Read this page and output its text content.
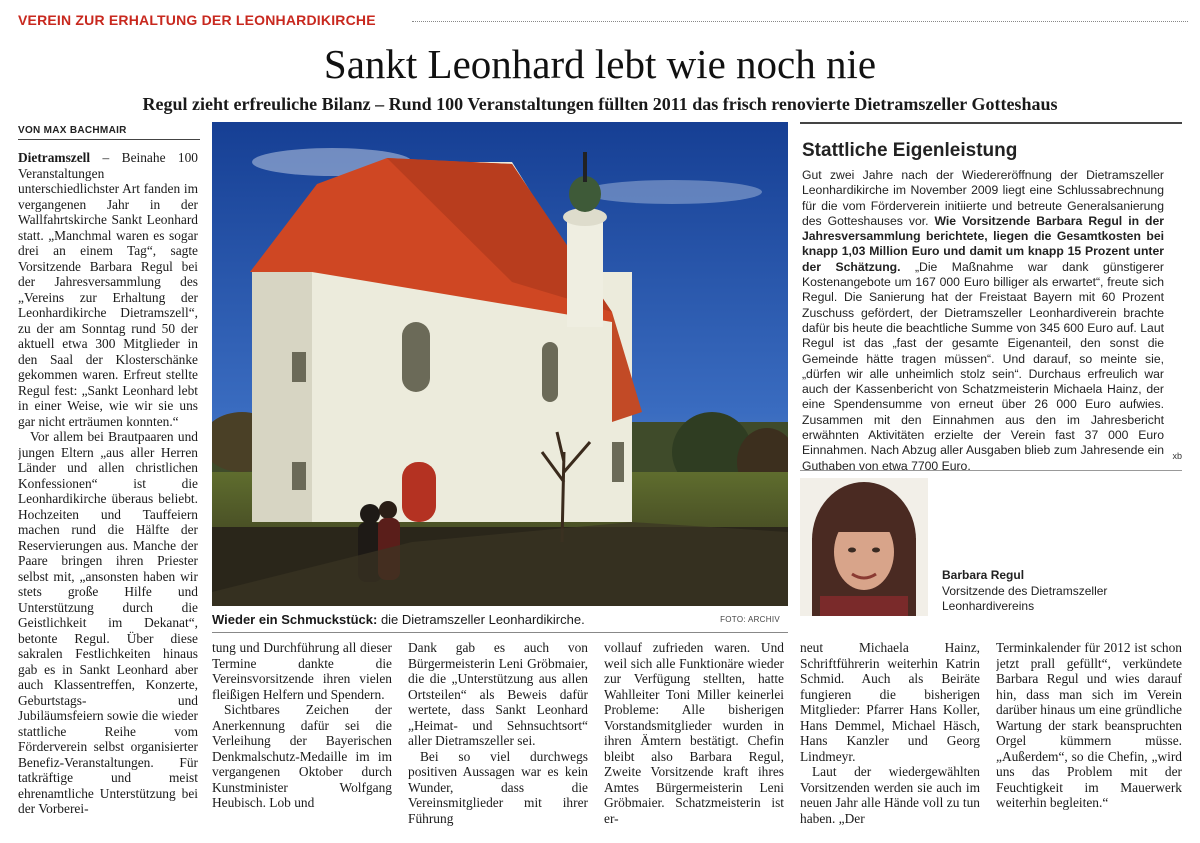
VEREIN ZUR ERHALTUNG DER LEONHARDIKIRCHE
Sankt Leonhard lebt wie noch nie
Regul zieht erfreuliche Bilanz – Rund 100 Veranstaltungen füllten 2011 das frisch renovierte Dietramszeller Gotteshaus
VON MAX BACHMAIR

Dietramszell – Beinahe 100 Veranstaltungen unterschiedlichster Art fanden im vergangenen Jahr in der Wallfahrtskirche Sankt Leonhard statt. „Manchmal waren es sogar drei an einem Tag“, sagte Vorsitzende Barbara Regul bei der Jahresversammlung des „Vereins zur Erhaltung der Leonhardikirche Dietramszell“, zu der am Sonntag rund 50 der aktuell etwa 300 Mitglieder in den Saal der Klosterschänke gekommen waren. Erfreut stellte Regul fest: „Sankt Leonhard lebt in einer Weise, wie wir sie uns gar nicht erträumen konnten.“

Vor allem bei Brautpaaren und jungen Eltern „aus aller Herren Länder und allen christlichen Konfessionen“ ist die Leonhardikirche überaus beliebt. Hochzeiten und Tauffeiern machen rund die Hälfte der Reservierungen aus. Manche der Paare bringen ihren Priester selbst mit, „ansonsten haben wir stets große Hilfe und Unterstützung durch die Geistlichkeit im Dekanat“, betonte Regul. Über diese sakralen Festlichkeiten hinaus gab es in Sankt Leonhard aber auch Klassentreffen, Konzerte, Geburtstags- und Jubiläumsfeiern sowie die wieder stattliche Reihe vom Förderverein selbst organisierter Benefiz-Veranstaltungen. Für tatkräftige und meist ehrenamtliche Unterstützung bei der Vorberei-

Wieder ein Schmuckstück: die Dietramszeller Leonhardikirche.	FOTO: ARCHIV

tung und Durchführung all dieser Termine dankte die Vereinsvorsitzende ihren vielen fleißigen Helfern und Spendern.

Sichtbares Zeichen der Anerkennung dafür sei die Verleihung der Bayerischen Denkmalschutz-Medaille im im vergangenen Oktober durch Kunstminister Wolfgang Heubisch. Lob und

Dank gab es auch von Bürgermeisterin Leni Gröbmaier, die die „Unterstützung aus allen Ortsteilen“ als Beweis dafür wertete, dass Sankt Leonhard „Heimat- und Sehnsuchtsort“ aller Dietramszeller sei.

Bei so viel durchwegs positiven Aussagen war es kein Wunder, dass die Vereinsmitglieder mit ihrer Führung

vollauf zufrieden waren. Und weil sich alle Funktionäre wieder zur Verfügung stellten, hatte Wahlleiter Toni Miller keinerlei Probleme: Alle bisherigen Vorstandsmitglieder wurden in ihren Ämtern bestätigt. Chefin bleibt also Barbara Regul, Zweite Vorsitzende kraft ihres Amtes Bürgermeisterin Leni Gröbmaier. Schatzmeisterin ist er-

neut Michaela Hainz, Schriftführerin weiterhin Katrin Schmid. Auch als Beiräte fungieren die bisherigen Mitglieder: Pfarrer Hans Koller, Hans Demmel, Michael Häsch, Hans Kanzler und Georg Lindmeyr.

Laut der wiedergewählten Vorsitzenden werden sie auch im neuen Jahr alle Hände voll zu tun haben. „Der

Terminkalender für 2012 ist schon jetzt prall gefüllt“, verkündete Barbara Regul und wies darauf hin, dass man sich im Verein darüber hinaus um eine gründliche Wartung der stark beanspruchten Orgel kümmern müsse. „Außerdem“, so die Chefin, „wird uns das Problem mit der Feuchtigkeit im Mauerwerk weiterhin begleiten.“

Stattliche Eigenleistung
Gut zwei Jahre nach der Wiedereröffnung der Dietramszeller Leonhardikirche im November 2009 liegt eine Schlussabrechnung für die vom Förderverein initiierte und betreute Generalsanierung des Gotteshauses vor. Wie Vorsitzende Barbara Regul in der Jahresversammlung berichtete, liegen die Gesamtkosten bei knapp 1,03 Million Euro und damit um knapp 15 Prozent unter der Schätzung. „Die Maßnahme war dank günstigerer Kostenangebote um 167 000 Euro billiger als erwartet“, freute sich Regul. Die Sanierung hat der Freistaat Bayern mit 60 Prozent Zuschuss gefördert, der Dietramszeller Leonhardiverein brachte dafür bis heute die beachtliche Summe von 345 600 Euro auf. Laut Regul ist das „fast der gesamte Eigenanteil, den sonst die Gemeinde hätte tragen müssen“. Und darauf, so meinte sie, „dürfen wir alle unheimlich stolz sein“. Durchaus erfreulich war auch der Kassenbericht von Schatzmeisterin Michaela Hainz, der eine Spendensumme von erneut über 26 000 Euro aufwies. Zusammen mit den Einnahmen aus den im Jahresbericht erwähnten Aktivitäten erzielte der Verein fast 37 000 Euro Einnahmen. Nach Abzug aller Ausgaben blieb zum Jahresende ein Guthaben von etwa 7700 Euro.
xb
Barbara Regul
Vorsitzende des Dietramszeller Leonhardivereins
